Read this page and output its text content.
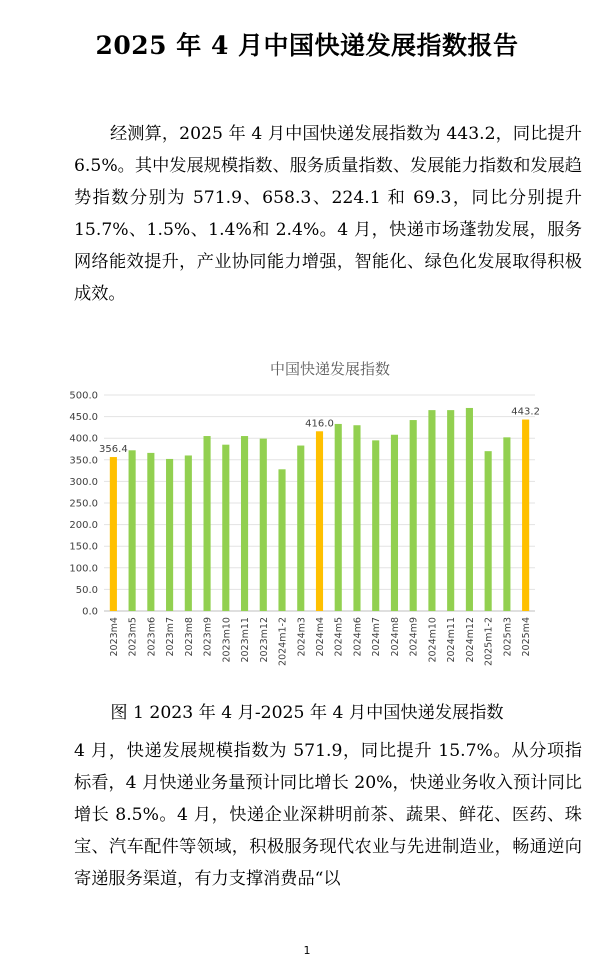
2025 年 4 月中国快递发展指数报告

经测算，2025 年 4 月中国快递发展指数为 443.2，同比提升 6.5%。其中发展规模指数、服务质量指数、发展能力指数和发展趋势指数分别为 571.9、658.3、224.1 和 69.3，同比分别提升 15.7%、1.5%、1.4%和 2.4%。4 月，快递市场蓬勃发展，服务网络能效提升，产业协同能力增强，智能化、绿色化发展取得积极成效。

中国快递发展指数
0.0
50.0
100.0
150.0
200.0
250.0
300.0
350.0
400.0
450.0
500.0
356.4
416.0
443.2
2023m4 2023m5 2023m6 2023m7 2023m8 2023m9 2023m10 2023m11 2023m12 2024m1-2 2024m3 2024m4 2024m5 2024m6 2024m7 2024m8 2024m9 2024m10 2024m11 2024m12 2025m1-2 2025m3 2025m4
图 1 2023 年 4 月-2025 年 4 月中国快递发展指数

4 月，快递发展规模指数为 571.9，同比提升 15.7%。从分项指标看，4 月快递业务量预计同比增长 20%，快递业务收入预计同比增长 8.5%。4 月，快递企业深耕明前茶、蔬果、鲜花、医药、珠宝、汽车配件等领域，积极服务现代农业与先进制造业，畅通逆向寄递服务渠道，有力支撑消费品“以

1
